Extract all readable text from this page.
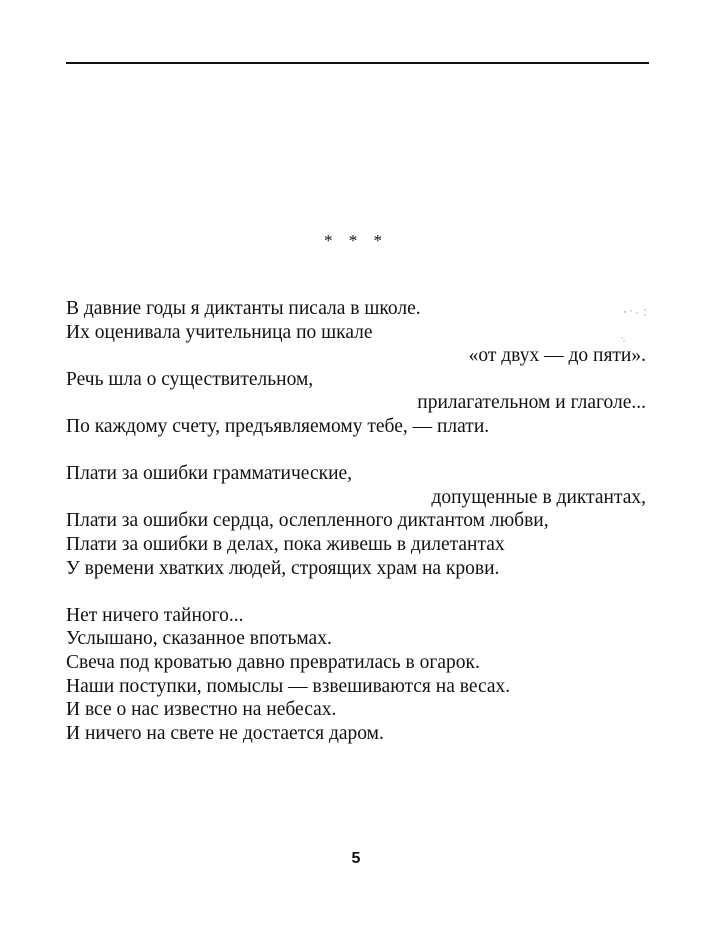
* * *
В давние годы я диктанты писала в школе.
Их оценивала учительница по шкале
«от двух — до пяти».
Речь шла о существительном,
прилагательном и глаголе...
По каждому счету, предъявляемому тебе, — плати.
Плати за ошибки грамматические,
допущенные в диктантах,
Плати за ошибки сердца, ослепленного диктантом любви,
Плати за ошибки в делах, пока живешь в дилетантах
У времени хватких людей, строящих храм на крови.
Нет ничего тайного...
Услышано, сказанное впотьмах.
Свеча под кроватью давно превратилась в огарок.
Наши поступки, помыслы — взвешиваются на весах.
И все о нас известно на небесах.
И ничего на свете не достается даром.
5
